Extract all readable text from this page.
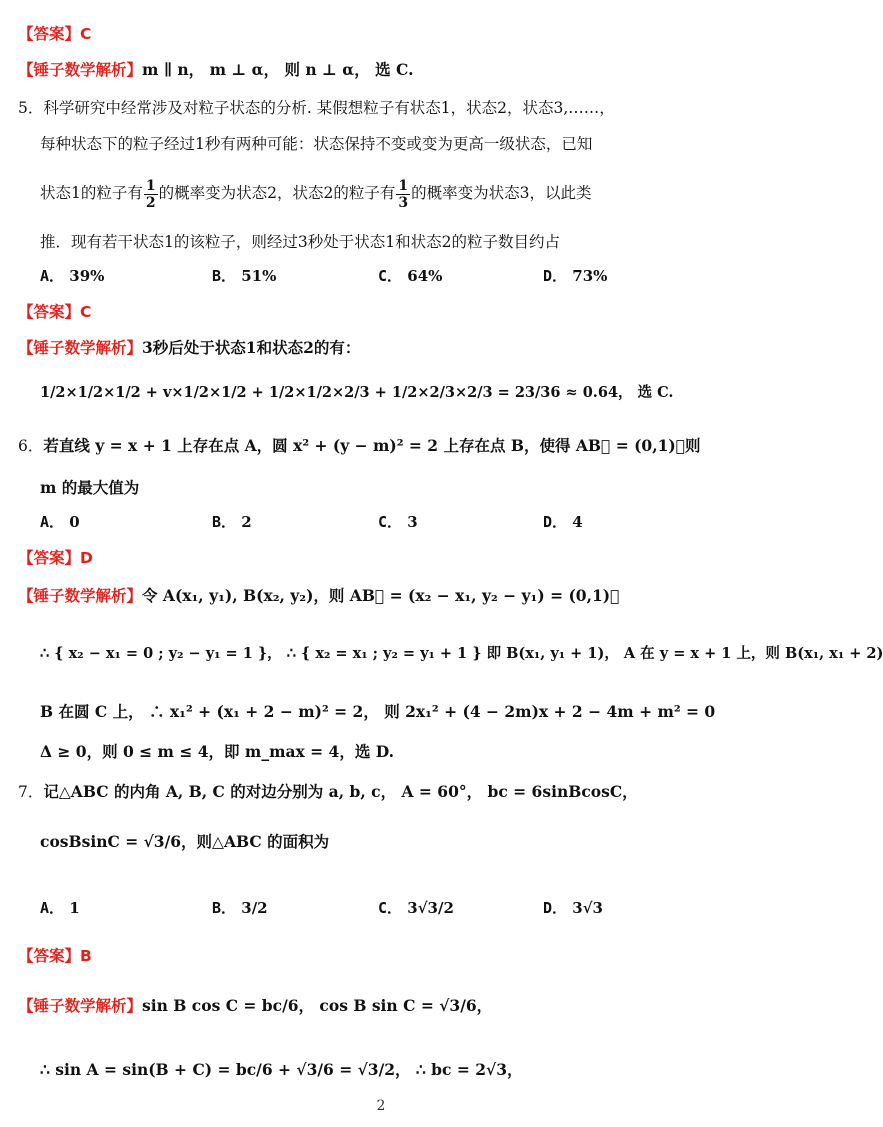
【答案】C
【锤子数学解析】m ∥ n， m ⊥ α， 则 n ⊥ α， 选 C.
5．科学研究中经常涉及对粒子状态的分析. 某假想粒子有状态1，状态2，状态3,……，
每种状态下的粒子经过1秒有两种可能：状态保持不变或变为更高一级状态，已知
状态1的粒子有 $\frac{1}{2}$ 的概率变为状态2，状态2的粒子有 $\frac{1}{3}$ 的概率变为状态3，以此类
推．现有若干状态1的该粒子，则经过3秒处于状态1和状态2的粒子数目约占
A． 39%	B． 51%	C． 64%	D． 73%
【答案】C
【锤子数学解析】3秒后处于状态1和状态2的有：
1/2×1/2×1/2 + v×1/2×1/2 + 1/2×1/2×2/3 + 1/2×2/3×2/3 = 23/36 ≈ 0.64， 选 C.
6．若直线 y = x + 1 上存在点 A，圆 x² + (y − m)² = 2 上存在点 B，使得 AB⃗ = (0,1)，则
m 的最大值为
A． 0	B． 2	C． 3	D． 4
【答案】D
【锤子数学解析】令 A(x₁, y₁), B(x₂, y₂)，则 AB⃗ = (x₂ − x₁, y₂ − y₁) = (0,1)，
∴ { x₂ − x₁ = 0 ; y₂ − y₁ = 1 }， ∴ { x₂ = x₁ ; y₂ = y₁ + 1 } 即 B(x₁, y₁ + 1)， A 在 y = x + 1 上，则 B(x₁, x₁ + 2)
B 在圆 C 上， ∴ x₁² + (x₁ + 2 − m)² = 2， 则 2x₁² + (4 − 2m)x + 2 − 4m + m² = 0
Δ ≥ 0，则 0 ≤ m ≤ 4，即 m_max = 4，选 D.
7．记△ABC 的内角 A, B, C 的对边分别为 a, b, c， A = 60°， bc = 6sinBcosC，
cosBsinC = √3/6，则△ABC 的面积为
A． 1	B． 3/2	C． 3√3/2	D． 3√3
【答案】B
【锤子数学解析】sin B cos C = bc/6， cos B sin C = √3/6，
∴ sin A = sin(B + C) = bc/6 + √3/6 = √3/2， ∴ bc = 2√3，
2
